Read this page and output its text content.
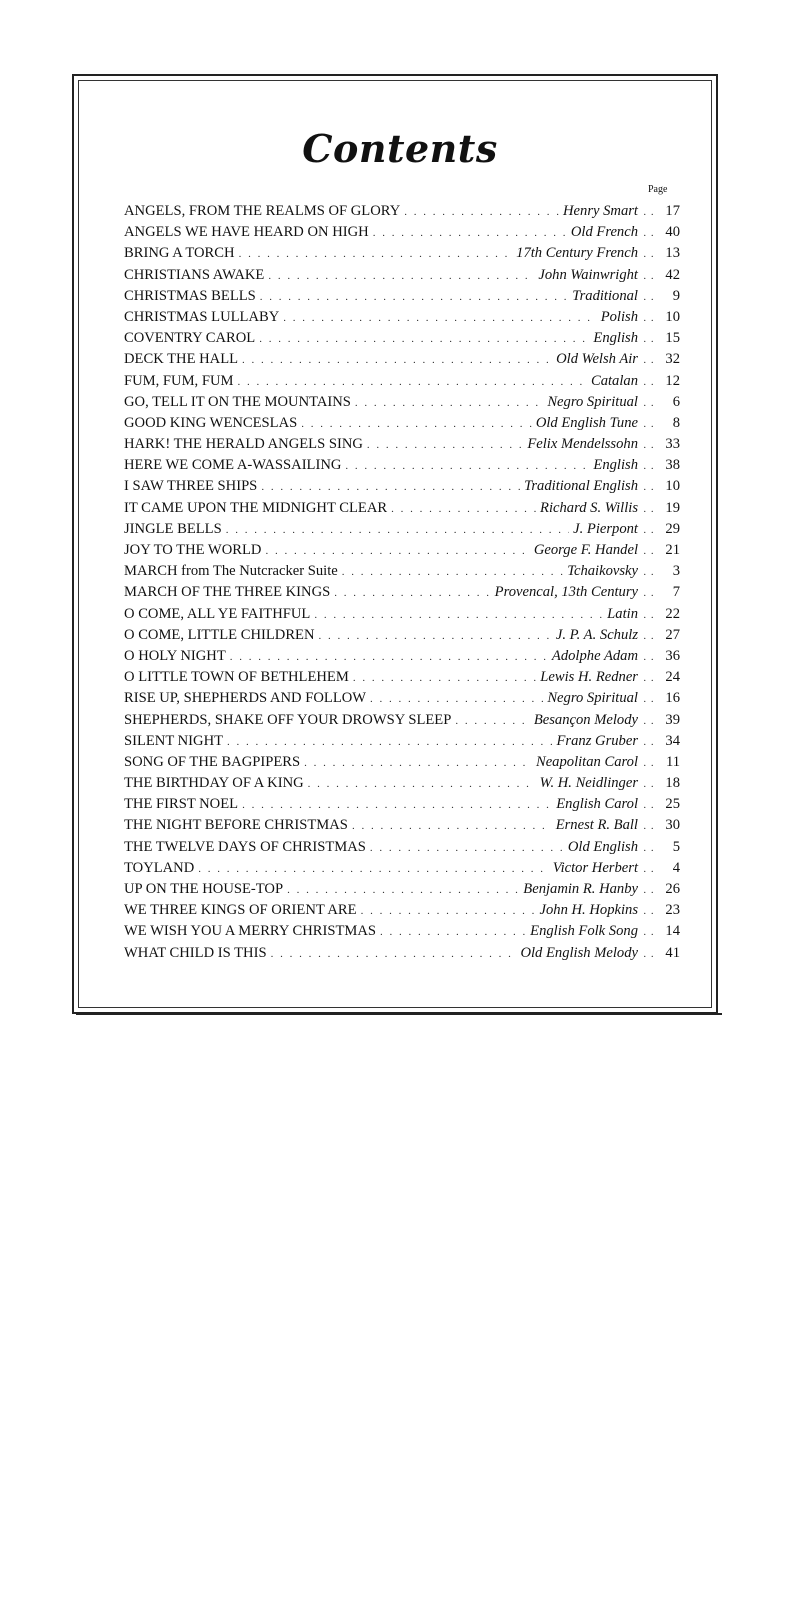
Contents
Page
ANGELS, FROM THE REALMS OF GLORY . . .	Henry Smart . . 17
ANGELS WE HAVE HEARD ON HIGH . . .	Old French . . 40
BRING A TORCH . . .	17th Century French . . 13
CHRISTIANS AWAKE . . .	John Wainwright . . 42
CHRISTMAS BELLS . . .	Traditional . .	9
CHRISTMAS LULLABY . . .	Polish . . 10
COVENTRY CAROL . . .	English . . 15
DECK THE HALL . . .	Old Welsh Air . . 32
FUM, FUM, FUM . . .	Catalan . . 12
GO, TELL IT ON THE MOUNTAINS . . .	Negro Spiritual . .	6
GOOD KING WENCESLAS . . .	Old English Tune . .	8
HARK! THE HERALD ANGELS SING . . .	Felix Mendelssohn . . 33
HERE WE COME A-WASSAILING . . .	English . . 38
I SAW THREE SHIPS . . .	Traditional English . . 10
IT CAME UPON THE MIDNIGHT CLEAR . . .	Richard S. Willis . . 19
JINGLE BELLS . . .	J. Pierpont . . 29
JOY TO THE WORLD . . .	George F. Handel . . 21
MARCH from The Nutcracker Suite . . .	Tchaikovsky . .	3
MARCH OF THE THREE KINGS . . .	Provencal, 13th Century . .	7
O COME, ALL YE FAITHFUL . . .	Latin . . 22
O COME, LITTLE CHILDREN . . .	J. P. A. Schulz . . 27
O HOLY NIGHT . . .	Adolphe Adam . . 36
O LITTLE TOWN OF BETHLEHEM . . .	Lewis H. Redner . . 24
RISE UP, SHEPHERDS AND FOLLOW . . .	Negro Spiritual . . 16
SHEPHERDS, SHAKE OFF YOUR DROWSY SLEEP . . .	Besançon Melody . . 39
SILENT NIGHT . . .	Franz Gruber . . 34
SONG OF THE BAGPIPERS . . .	Neapolitan Carol . . 11
THE BIRTHDAY OF A KING . . .	W. H. Neidlinger . . 18
THE FIRST NOEL . . .	English Carol . . 25
THE NIGHT BEFORE CHRISTMAS . . .	Ernest R. Ball . . 30
THE TWELVE DAYS OF CHRISTMAS . . .	Old English . .	5
TOYLAND . . .	Victor Herbert . .	4
UP ON THE HOUSE-TOP . . .	Benjamin R. Hanby . . 26
WE THREE KINGS OF ORIENT ARE . . .	John H. Hopkins . . 23
WE WISH YOU A MERRY CHRISTMAS . . .	English Folk Song . . 14
WHAT CHILD IS THIS . . .	Old English Melody . . 41
